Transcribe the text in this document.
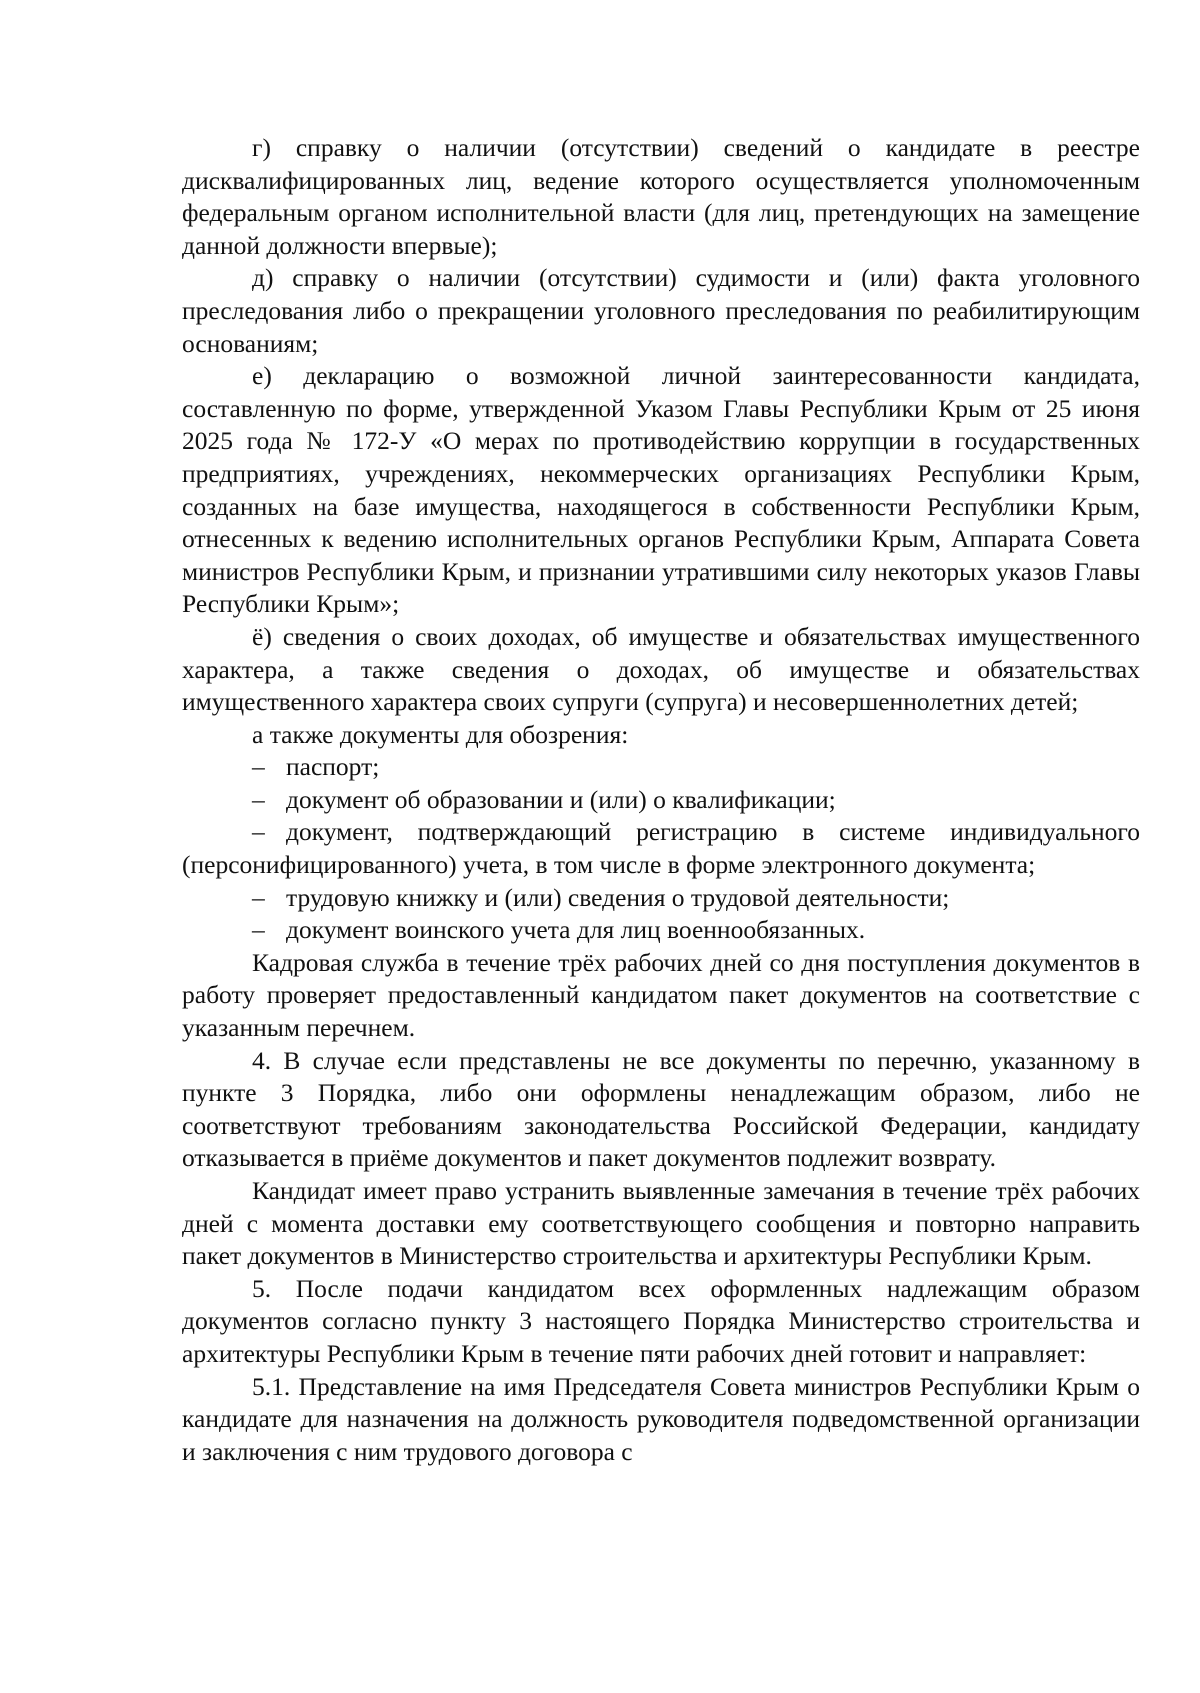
г) справку о наличии (отсутствии) сведений о кандидате в реестре дисквалифицированных лиц, ведение которого осуществляется уполномоченным федеральным органом исполнительной власти (для лиц, претендующих на замещение данной должности впервые);

д) справку о наличии (отсутствии) судимости и (или) факта уголовного преследования либо о прекращении уголовного преследования по реабилитирующим основаниям;

е) декларацию о возможной личной заинтересованности кандидата, составленную по форме, утвержденной Указом Главы Республики Крым от 25 июня 2025 года № 172-У «О мерах по противодействию коррупции в государственных предприятиях, учреждениях, некоммерческих организациях Республики Крым, созданных на базе имущества, находящегося в собственности Республики Крым, отнесенных к ведению исполнительных органов Республики Крым, Аппарата Совета министров Республики Крым, и признании утратившими силу некоторых указов Главы Республики Крым»;

ё) сведения о своих доходах, об имуществе и обязательствах имущественного характера, а также сведения о доходах, об имуществе и обязательствах имущественного характера своих супруги (супруга) и несовершеннолетних детей;

а также документы для обозрения:

– паспорт;

– документ об образовании и (или) о квалификации;

– документ, подтверждающий регистрацию в системе индивидуального (персонифицированного) учета, в том числе в форме электронного документа;

– трудовую книжку и (или) сведения о трудовой деятельности;

– документ воинского учета для лиц военнообязанных.

Кадровая служба в течение трёх рабочих дней со дня поступления документов в работу проверяет предоставленный кандидатом пакет документов на соответствие с указанным перечнем.

4. В случае если представлены не все документы по перечню, указанному в пункте 3 Порядка, либо они оформлены ненадлежащим образом, либо не соответствуют требованиям законодательства Российской Федерации, кандидату отказывается в приёме документов и пакет документов подлежит возврату.

Кандидат имеет право устранить выявленные замечания в течение трёх рабочих дней с момента доставки ему соответствующего сообщения и повторно направить пакет документов в Министерство строительства и архитектуры Республики Крым.

5. После подачи кандидатом всех оформленных надлежащим образом документов согласно пункту 3 настоящего Порядка Министерство строительства и архитектуры Республики Крым в течение пяти рабочих дней готовит и направляет:

5.1. Представление на имя Председателя Совета министров Республики Крым о кандидате для назначения на должность руководителя подведомственной организации и заключения с ним трудового договора с
